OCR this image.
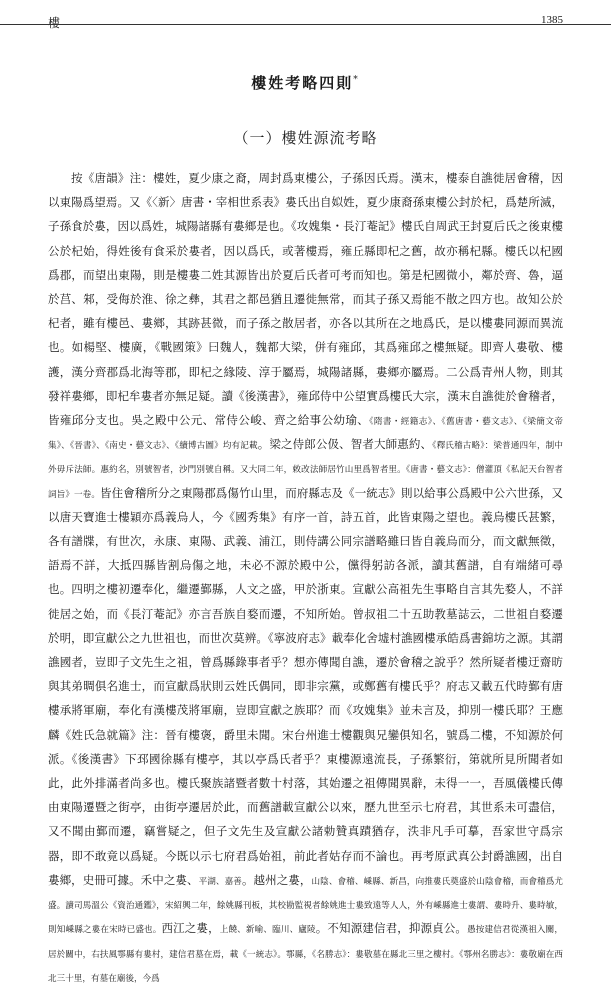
樓	1385
樓姓考略四則*
（一）樓姓源流考略

按《唐韻》注：樓姓，夏少康之裔，周封爲東樓公，子孫因氏焉。漢末，樓泰自譙徙居會稽，因以東陽爲望焉。又《〈新〉唐書・宰相世系表》婁氏出自姒姓，夏少康裔孫東樓公封於杞，爲楚所滅，子孫食於婁，因以爲姓，城陽諸縣有婁鄉是也。《攻媿集・長汀菴記》樓氏自周武王封夏后氏之後東樓公於杞始，得姓後有食采於婁者，因以爲氏，或著樓焉，雍丘縣即杞之舊，故亦稱杞縣。樓氏以杞國爲郡，而望出東陽，則是樓婁二姓其源皆出於夏后氏者可考而知也。第是杞國微小，鄰於齊、魯，逼於莒、邾，受侮於淮、徐之彝，其君之都邑猶且遷徙無常，而其子孫又焉能不散之四方也。故知公於杞者，雖有樓邑、婁鄉，其跡甚微，而子孫之散居者，亦各以其所在之地爲氏，是以樓婁同源而異流也。如楊堅、樓廣，《戰國策》曰魏人，魏都大梁，併有雍邱，其爲雍邱之樓無疑。即齊人婁敬、樓護，漢分齊郡爲北海等郡，即杞之緣陵、淳于屬焉，城陽諸縣，婁鄉亦屬焉。二公爲青州人物，則其發祥婁鄉，即杞牟婁者亦無足疑。讀《後漢書》，雍邱侍中公望實爲樓氏大宗，漢末自譙徙於會稽者，皆雍邱分支也。吳之殿中公元、常侍公峻、齊之給事公幼瑜、《隋書・經籍志》、《舊唐書・藝文志》、《梁簡文帝集》、《晉書》、《南史・藝文志》、《續博古圖》均有記載。梁之侍郎公伋、智者大師惠約、《釋氏稽古略》：梁普通四年，制中外毋斥法師。惠約名，別號智者，沙門別號自稱。又大同二年，敕改法師居竹山里爲智者里。《唐書・藝文志》：僧灌頂《私記天台智者詞旨》一卷。皆住會稽所分之東陽郡爲傷竹山里，而府縣志及《一統志》則以給事公爲殿中公六世孫，又以唐天寶進士樓穎亦爲義烏人，今《國秀集》有序一首，詩五首，此皆東陽之望也。義烏樓氏甚繁，各有譜牒，有世次，永康、東陽、武義、浦江，則侍講公同宗譜略雖曰皆自義烏而分，而文獻無徵，語焉不詳，大抵四縣皆割烏傷之地，未必不源於殿中公，儻得躬訪各派，讀其舊譜，自有端緒可尋也。四明之樓初遷奉化，繼遷鄞縣，人文之盛，甲於浙東。宣獻公高祖先生事略自言其先婺人，不詳徙居之始，而《長汀菴記》亦言吾族自婺而遷，不知所始。曾叔祖二十五助教墓誌云，二世祖自婺遷於明，即宣獻公之九世祖也，而世次莫辨。《寧波府志》載奉化舍墟村譙國樓承皓爲書錦坊之源。其謂譙國者，豈即子文先生之祖，曾爲縣錄事者乎？想亦傳聞自譙，遷於會稽之說乎？然所疑者樓迂齋昉與其弟晭俱名進士，而宣獻爲狀則云姓氏偶同，即非宗黨，或鄭舊有樓氏乎？府志又載五代時鄞有唐樓承將軍廟，奉化有漢樓茂將軍廟，豈即宣獻之族耶？而《攻媿集》並未言及，抑別一樓氏耶？王應麟《姓氏急就篇》注：晉有樓褒，爵里未聞。宋台州進士樓觀與兄鑾俱知名，號爲二樓，不知源於何派。《後漢書》下邳國徐縣有樓亭，其以亭爲氏者乎？東樓源遠流長，子孫繁衍，第就所見所聞者如此，此外排滿者尚多也。樓氏聚族諸暨者數十村落，其始遷之祖傳聞異辭，未得一一，吾風儀樓氏傳由東陽遷暨之街亭，由街亭遷居於此，而舊譜載宣獻公以來，歷九世至示七府君，其世系未可盡信，又不聞由鄞而遷，竊嘗疑之，但子文先生及宣獻公諸勅贊真蹟猶存，泆非凡手可摹，吾家世守爲宗器，即不敢竟以爲疑。今既以示七府君爲始祖，前此者姑存而不論也。再考原武真公封爵譙國，出自婁鄉，史冊可據。禾中之婁、平湖、嘉善。越州之婁，山陰、會稽、嵊縣、新昌，向推婁氏奠盛於山陰會稽，而會稽爲尤盛。讀司馬溫公《資治通鑑》，宋紹興二年，餘姚縣刊板，其校勘監視者餘姚進士婁致遠等人人，外有嵊縣進士婁謂、婁時升、婁時敏，則知嵊縣之婁在宋時已盛也。西江之婁，上饒、新喻、臨川、廬陵。不知源建信君，抑源貞公。愚按建信君從漢祖入關，居於關中，右扶風鄠縣有婁村，建信君墓在焉，載《一統志》。鄠縣，《名勝志》：婁敬墓在縣北三里之樓村。《鄠州名勝志》：婁敬廟在西北三十里，有墓在廟後，今爲
